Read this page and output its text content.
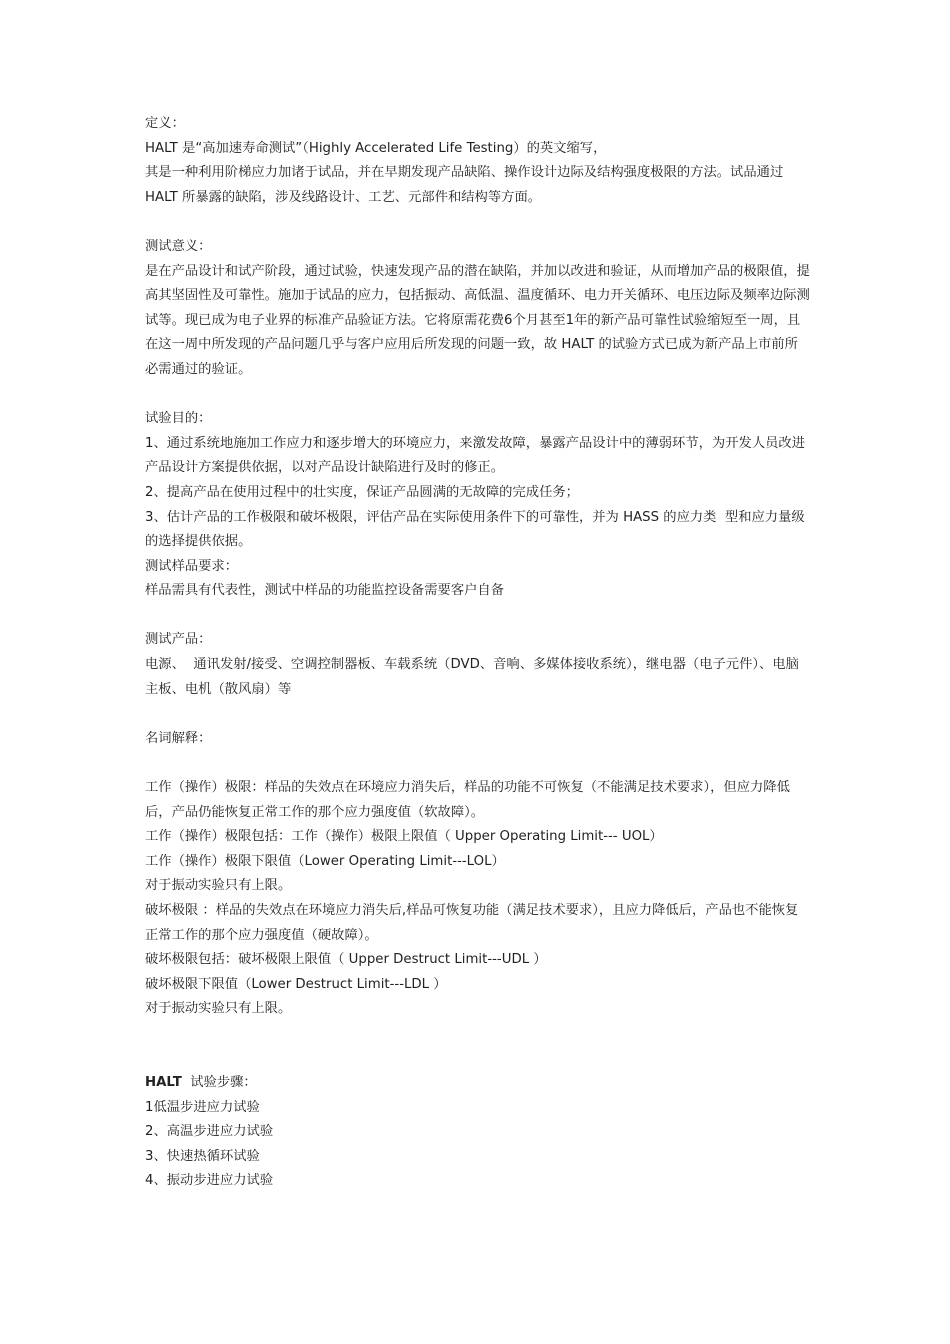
定义：

HALT 是“高加速寿命测试”（Highly Accelerated Life Testing）的英文缩写，

其是一种利用阶梯应力加诸于试品，并在早期发现产品缺陷、操作设计边际及结构强度极限的方法。试品通过 HALT 所暴露的缺陷，涉及线路设计、工艺、元部件和结构等方面。

测试意义：

是在产品设计和试产阶段，通过试验，快速发现产品的潜在缺陷，并加以改进和验证，从而增加产品的极限值，提高其坚固性及可靠性。施加于试品的应力，包括振动、高低温、温度循环、电力开关循环、电压边际及频率边际测试等。现已成为电子业界的标准产品验证方法。它将原需花费6个月甚至1年的新产品可靠性试验缩短至一周，且在这一周中所发现的产品问题几乎与客户应用后所发现的问题一致，故 HALT 的试验方式已成为新产品上市前所必需通过的验证。

试验目的：

1、通过系统地施加工作应力和逐步增大的环境应力，来激发故障，暴露产品设计中的薄弱环节，为开发人员改进产品设计方案提供依据，以对产品设计缺陷进行及时的修正。

2、提高产品在使用过程中的壮实度，保证产品圆满的无故障的完成任务；

3、估计产品的工作极限和破坏极限，评估产品在实际使用条件下的可靠性，并为 HASS 的应力类  型和应力量级的选择提供依据。

测试样品要求：

样品需具有代表性，测试中样品的功能监控设备需要客户自备

测试产品：

电源、  通讯发射/接受、空调控制器板、车载系统（DVD、音响、多媒体接收系统），继电器（电子元件）、电脑主板、电机（散风扇）等

名词解释：

工作（操作）极限：样品的失效点在环境应力消失后，样品的功能不可恢复（不能满足技术要求），但应力降低后，产品仍能恢复正常工作的那个应力强度值（软故障）。

工作（操作）极限包括：工作（操作）极限上限值（ Upper Operating Limit--- UOL）

工作（操作）极限下限值（Lower Operating Limit---LOL）

对于振动实验只有上限。

破坏极限 ：样品的失效点在环境应力消失后,样品可恢复功能（满足技术要求），且应力降低后，产品也不能恢复正常工作的那个应力强度值（硬故障）。

破坏极限包括：破坏极限上限值（ Upper Destruct Limit---UDL ）

破坏极限下限值（Lower Destruct Limit---LDL ）

对于振动实验只有上限。

HALT  试验步骤：

1低温步进应力试验

2、高温步进应力试验

3、快速热循环试验

4、振动步进应力试验
